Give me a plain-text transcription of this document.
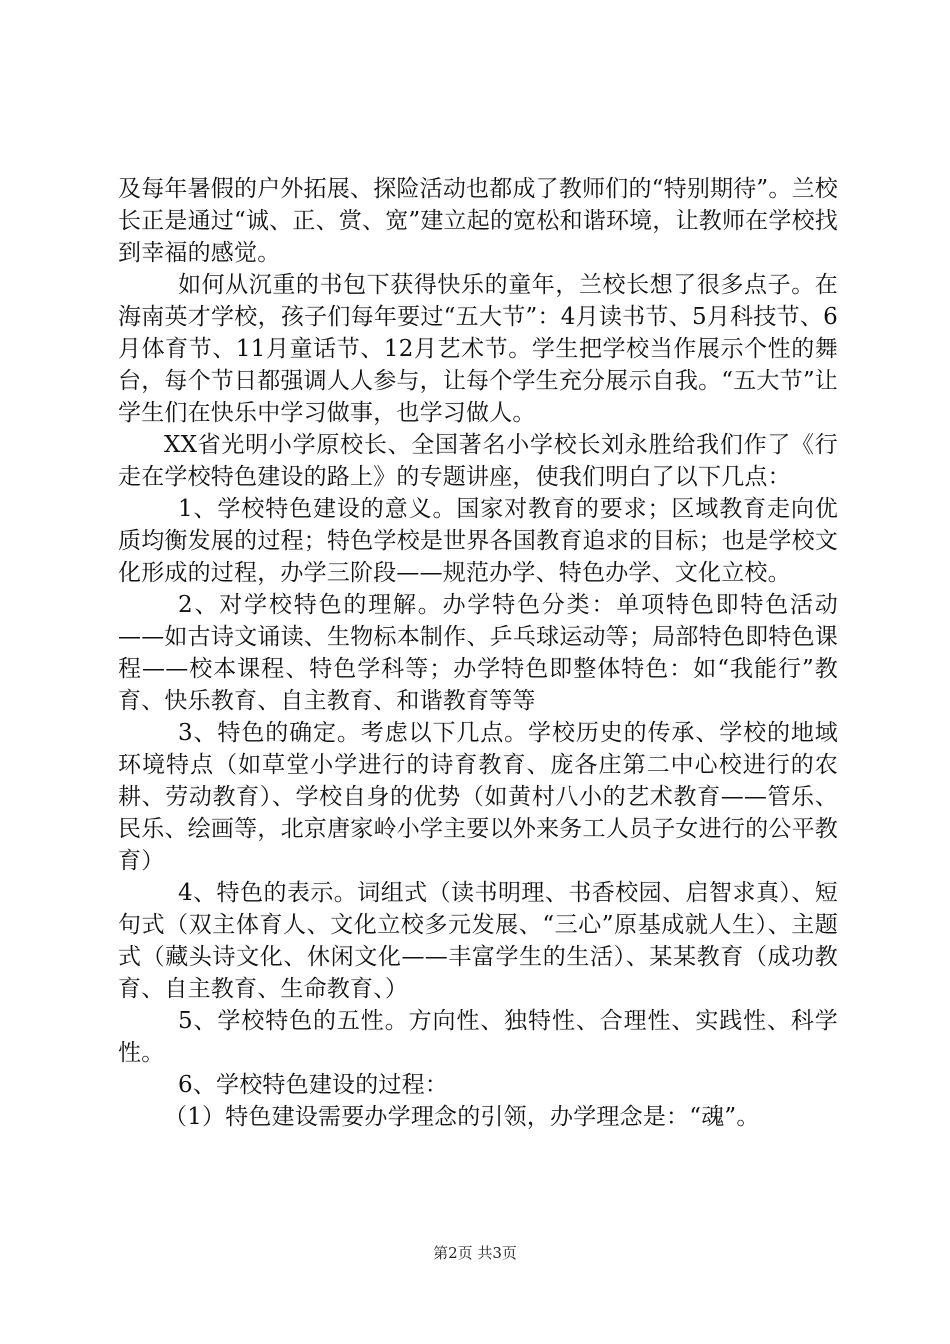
及每年暑假的户外拓展、探险活动也都成了教师们的“特别期待”。兰校长正是通过“诚、正、赏、宽”建立起的宽松和谐环境，让教师在学校找到幸福的感觉。

如何从沉重的书包下获得快乐的童年，兰校长想了很多点子。在海南英才学校，孩子们每年要过“五大节”：4月读书节、5月科技节、6月体育节、11月童话节、12月艺术节。学生把学校当作展示个性的舞台，每个节日都强调人人参与，让每个学生充分展示自我。“五大节”让学生们在快乐中学习做事，也学习做人。

XX省光明小学原校长、全国著名小学校长刘永胜给我们作了《行走在学校特色建设的路上》的专题讲座，使我们明白了以下几点：

1、学校特色建设的意义。国家对教育的要求；区域教育走向优质均衡发展的过程；特色学校是世界各国教育追求的目标；也是学校文化形成的过程，办学三阶段——规范办学、特色办学、文化立校。

2、对学校特色的理解。办学特色分类：单项特色即特色活动——如古诗文诵读、生物标本制作、乒乓球运动等；局部特色即特色课程——校本课程、特色学科等；办学特色即整体特色：如“我能行”教育、快乐教育、自主教育、和谐教育等等

3、特色的确定。考虑以下几点。学校历史的传承、学校的地域环境特点（如草堂小学进行的诗育教育、庞各庄第二中心校进行的农耕、劳动教育）、学校自身的优势（如黄村八小的艺术教育——管乐、民乐、绘画等，北京唐家岭小学主要以外来务工人员子女进行的公平教育）

4、特色的表示。词组式（读书明理、书香校园、启智求真）、短句式（双主体育人、文化立校多元发展、“三心”原基成就人生）、主题式（藏头诗文化、休闲文化——丰富学生的生活）、某某教育（成功教育、自主教育、生命教育、）

5、学校特色的五性。方向性、独特性、合理性、实践性、科学性。

6、学校特色建设的过程：

（1）特色建设需要办学理念的引领，办学理念是：“魂”。

第2页 共3页
